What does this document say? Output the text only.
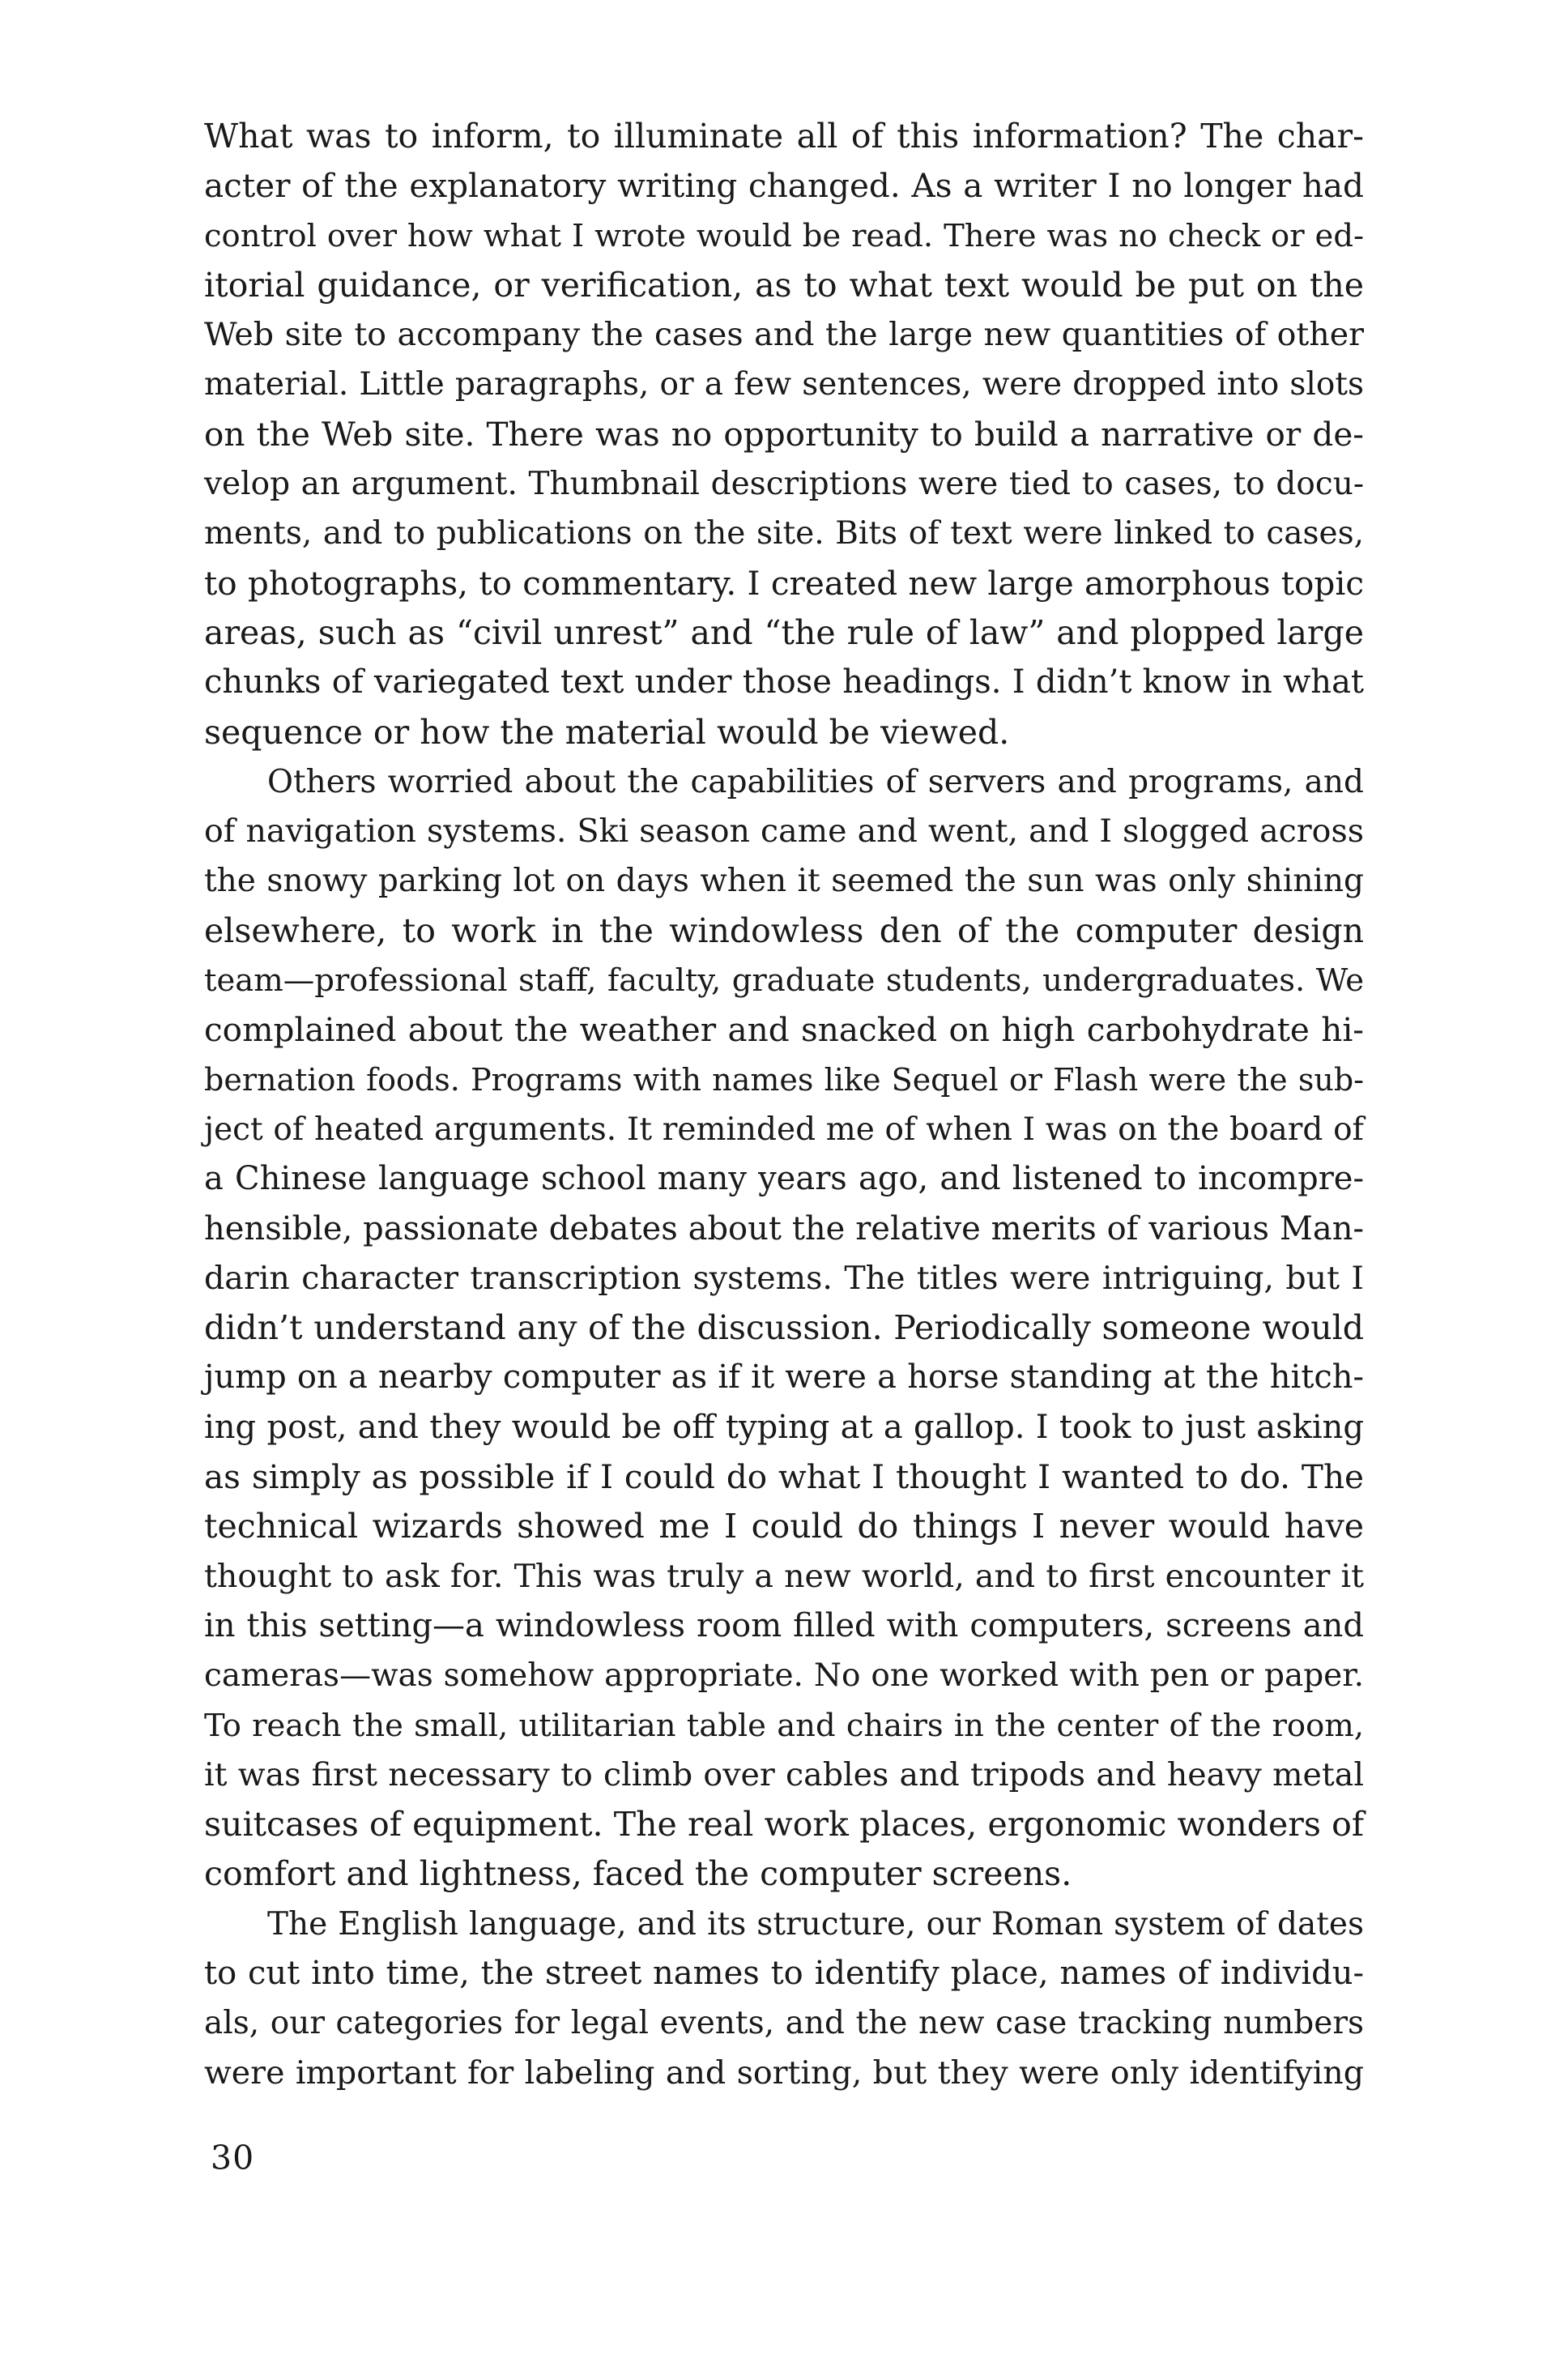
What was to inform, to illuminate all of this information? The char-
acter of the explanatory writing changed. As a writer I no longer had
control over how what I wrote would be read. There was no check or ed-
itorial guidance, or verification, as to what text would be put on the
Web site to accompany the cases and the large new quantities of other
material. Little paragraphs, or a few sentences, were dropped into slots
on the Web site. There was no opportunity to build a narrative or de-
velop an argument. Thumbnail descriptions were tied to cases, to docu-
ments, and to publications on the site. Bits of text were linked to cases,
to photographs, to commentary. I created new large amorphous topic
areas, such as “civil unrest” and “the rule of law” and plopped large
chunks of variegated text under those headings. I didn’t know in what
sequence or how the material would be viewed.
Others worried about the capabilities of servers and programs, and
of navigation systems. Ski season came and went, and I slogged across
the snowy parking lot on days when it seemed the sun was only shining
elsewhere, to work in the windowless den of the computer design
team—professional staff, faculty, graduate students, undergraduates. We
complained about the weather and snacked on high carbohydrate hi-
bernation foods. Programs with names like Sequel or Flash were the sub-
ject of heated arguments. It reminded me of when I was on the board of
a Chinese language school many years ago, and listened to incompre-
hensible, passionate debates about the relative merits of various Man-
darin character transcription systems. The titles were intriguing, but I
didn’t understand any of the discussion. Periodically someone would
jump on a nearby computer as if it were a horse standing at the hitch-
ing post, and they would be off typing at a gallop. I took to just asking
as simply as possible if I could do what I thought I wanted to do. The
technical wizards showed me I could do things I never would have
thought to ask for. This was truly a new world, and to first encounter it
in this setting—a windowless room filled with computers, screens and
cameras—was somehow appropriate. No one worked with pen or paper.
To reach the small, utilitarian table and chairs in the center of the room,
it was first necessary to climb over cables and tripods and heavy metal
suitcases of equipment. The real work places, ergonomic wonders of
comfort and lightness, faced the computer screens.
The English language, and its structure, our Roman system of dates
to cut into time, the street names to identify place, names of individu-
als, our categories for legal events, and the new case tracking numbers
were important for labeling and sorting, but they were only identifying
30
